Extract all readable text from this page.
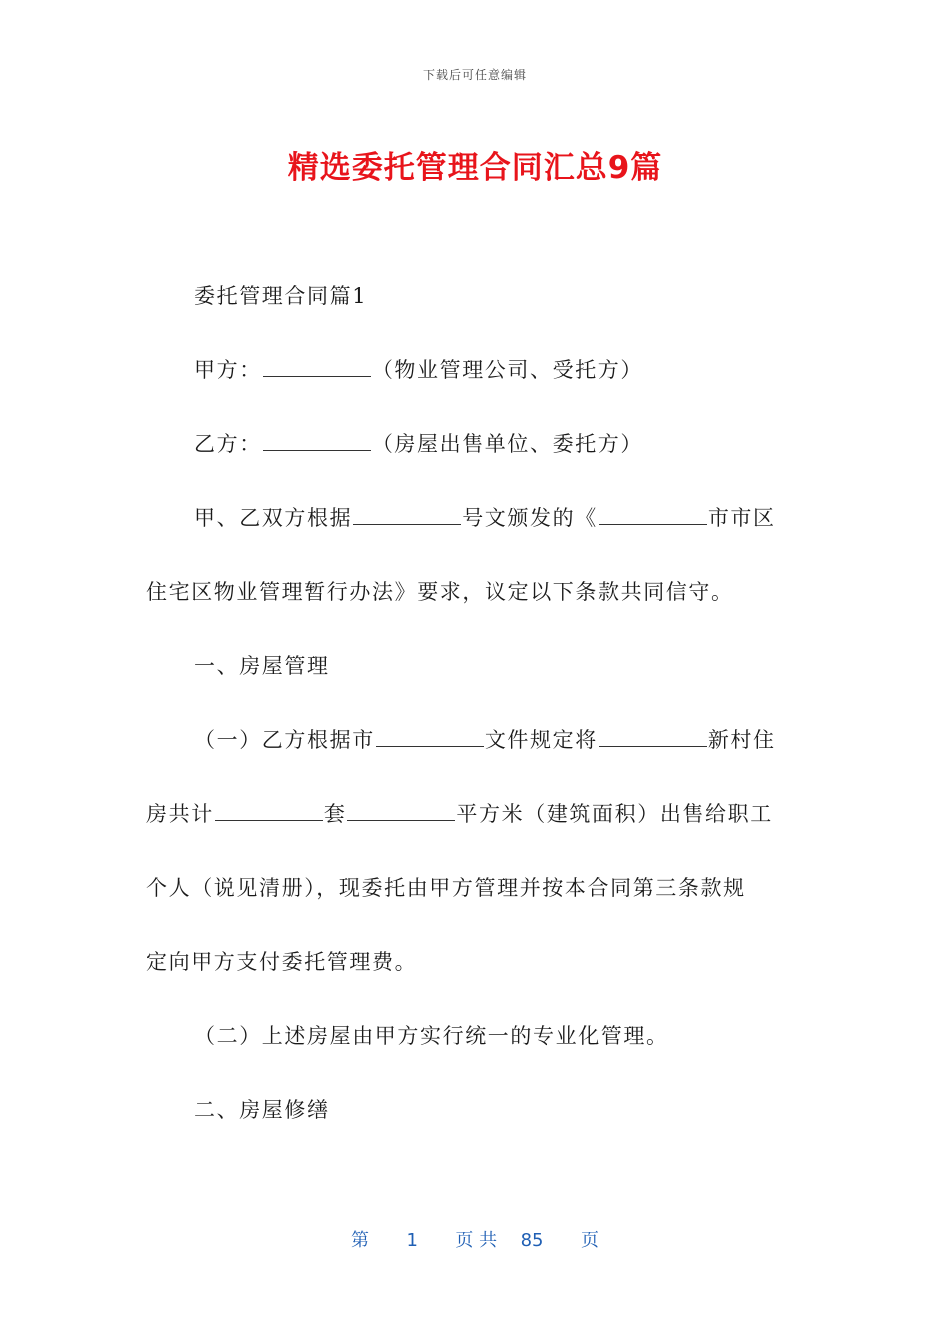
下载后可任意编辑
精选委托管理合同汇总9篇

委托管理合同篇1

甲方：	（物业管理公司、受托方）

乙方：	（房屋出售单位、委托方）

甲、乙双方根据	号文颁发的《	市市区

住宅区物业管理暂行办法》要求，议定以下条款共同信守。

一、房屋管理

（一）乙方根据市	文件规定将	新村住

房共计	套	平方米（建筑面积）出售给职工

个人（说见清册），现委托由甲方管理并按本合同第三条款规

定向甲方支付委托管理费。

（二）上述房屋由甲方实行统一的专业化管理。

二、房屋修缮

第 1 页 共 85 页
